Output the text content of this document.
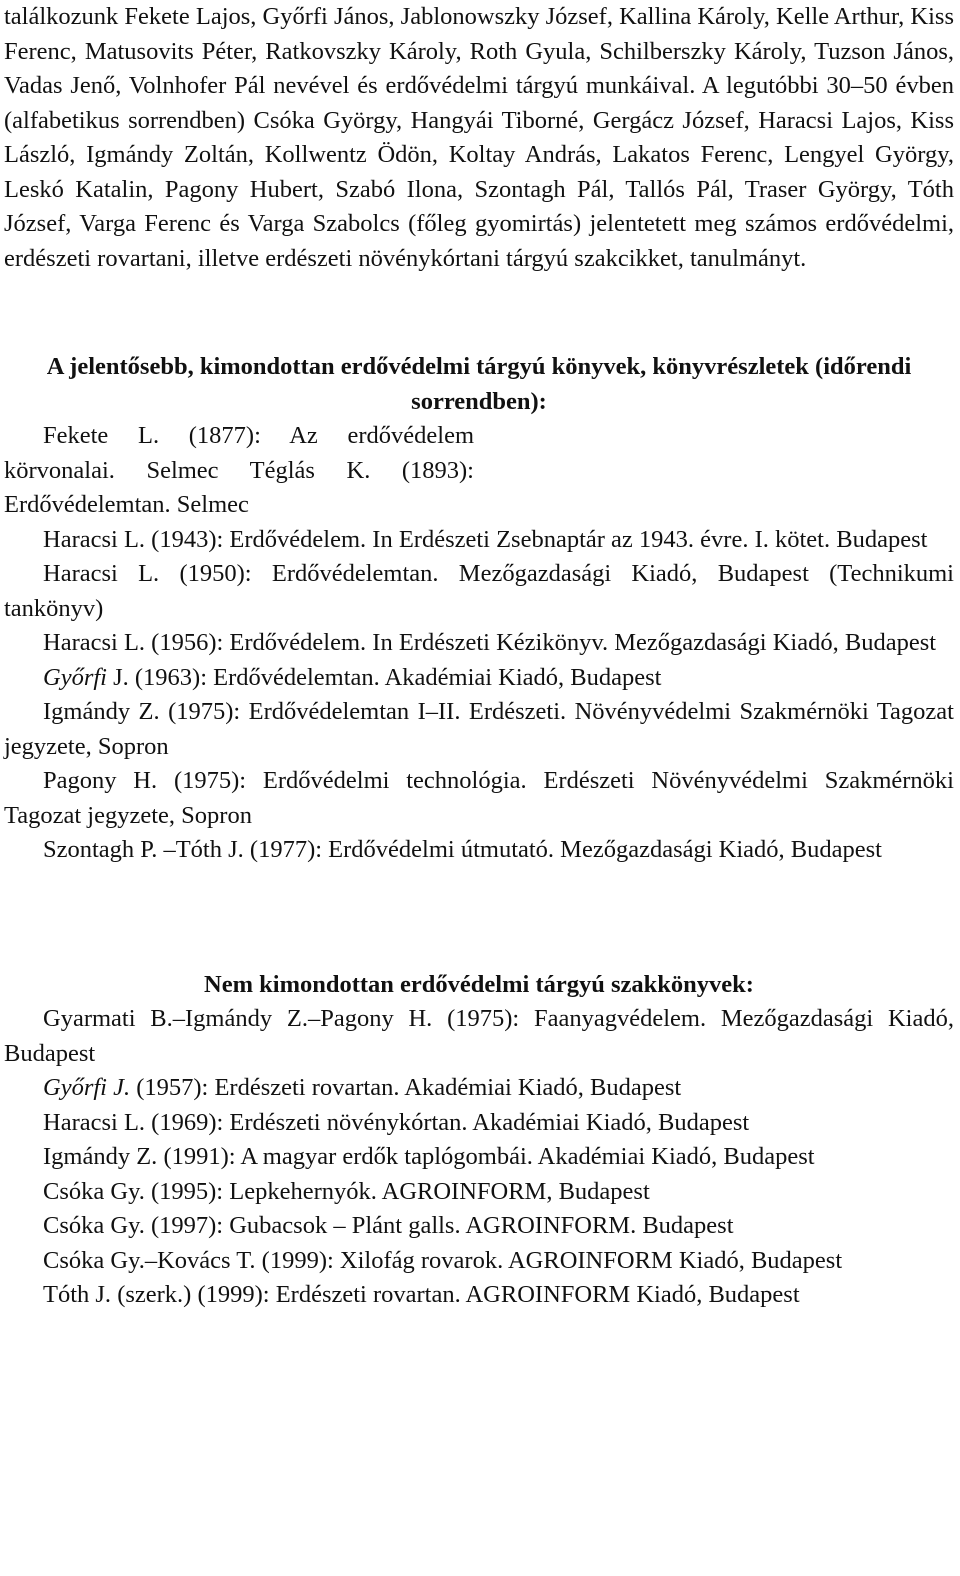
találkozunk Fekete Lajos, Győrfi János, Jablonowszky József, Kallina Károly, Kelle Arthur, Kiss Ferenc, Matusovits Péter, Ratkovszky Károly, Roth Gyula, Schilberszky Károly, Tuzson János, Vadas Jenő, Volnhofer Pál nevével és erdővédelmi tárgyú munkáival. A legutóbbi 30–50 évben (alfabetikus sorrendben) Csóka György, Hangyái Tiborné, Gergácz József, Haracsi Lajos, Kiss László, Igmándy Zoltán, Kollwentz Ödön, Koltay András, Lakatos Ferenc, Lengyel György, Leskó Katalin, Pagony Hubert, Szabó Ilona, Szontagh Pál, Tallós Pál, Traser György, Tóth József, Varga Ferenc és Varga Szabolcs (főleg gyomirtás) jelentetett meg számos erdővédelmi, erdészeti rovartani, illetve erdészeti növénykórtani tárgyú szakcikket, tanulmányt.

A jelentősebb, kimondottan erdővédelmi tárgyú könyvek, könyvrészletek (időrendi sorrendben):

Fekete L. (1877): Az erdővédelem körvonalai. Selmec Téglás K. (1893): Erdővédelemtan. Selmec

Haracsi L. (1943): Erdővédelem. In Erdészeti Zsebnaptár az 1943. évre. I. kötet. Budapest

Haracsi L. (1950): Erdővédelemtan. Mezőgazdasági Kiadó, Budapest (Technikumi tankönyv)

Haracsi L. (1956): Erdővédelem. In Erdészeti Kézikönyv. Mezőgazdasági Kiadó, Budapest

Győrfi J. (1963): Erdővédelemtan. Akadémiai Kiadó, Budapest

Igmándy Z. (1975): Erdővédelemtan I–II. Erdészeti. Növényvédelmi Szakmérnöki Tagozat jegyzete, Sopron

Pagony H. (1975): Erdővédelmi technológia. Erdészeti Növényvédelmi Szakmérnöki Tagozat jegyzete, Sopron

Szontagh P. –Tóth J. (1977): Erdővédelmi útmutató. Mezőgazdasági Kiadó, Budapest

Nem kimondottan erdővédelmi tárgyú szakkönyvek:

Gyarmati B.–Igmándy Z.–Pagony H. (1975): Faanyagvédelem. Mezőgazdasági Kiadó, Budapest

Győrfi J. (1957): Erdészeti rovartan. Akadémiai Kiadó, Budapest

Haracsi L. (1969): Erdészeti növénykórtan. Akadémiai Kiadó, Budapest

Igmándy Z. (1991): A magyar erdők taplógombái. Akadémiai Kiadó, Budapest

Csóka Gy. (1995): Lepkehernyók. AGROINFORM, Budapest

Csóka Gy. (1997): Gubacsok – Plánt galls. AGROINFORM. Budapest

Csóka Gy.–Kovács T. (1999): Xilofág rovarok. AGROINFORM Kiadó, Budapest

Tóth J. (szerk.) (1999): Erdészeti rovartan. AGROINFORM Kiadó, Budapest
